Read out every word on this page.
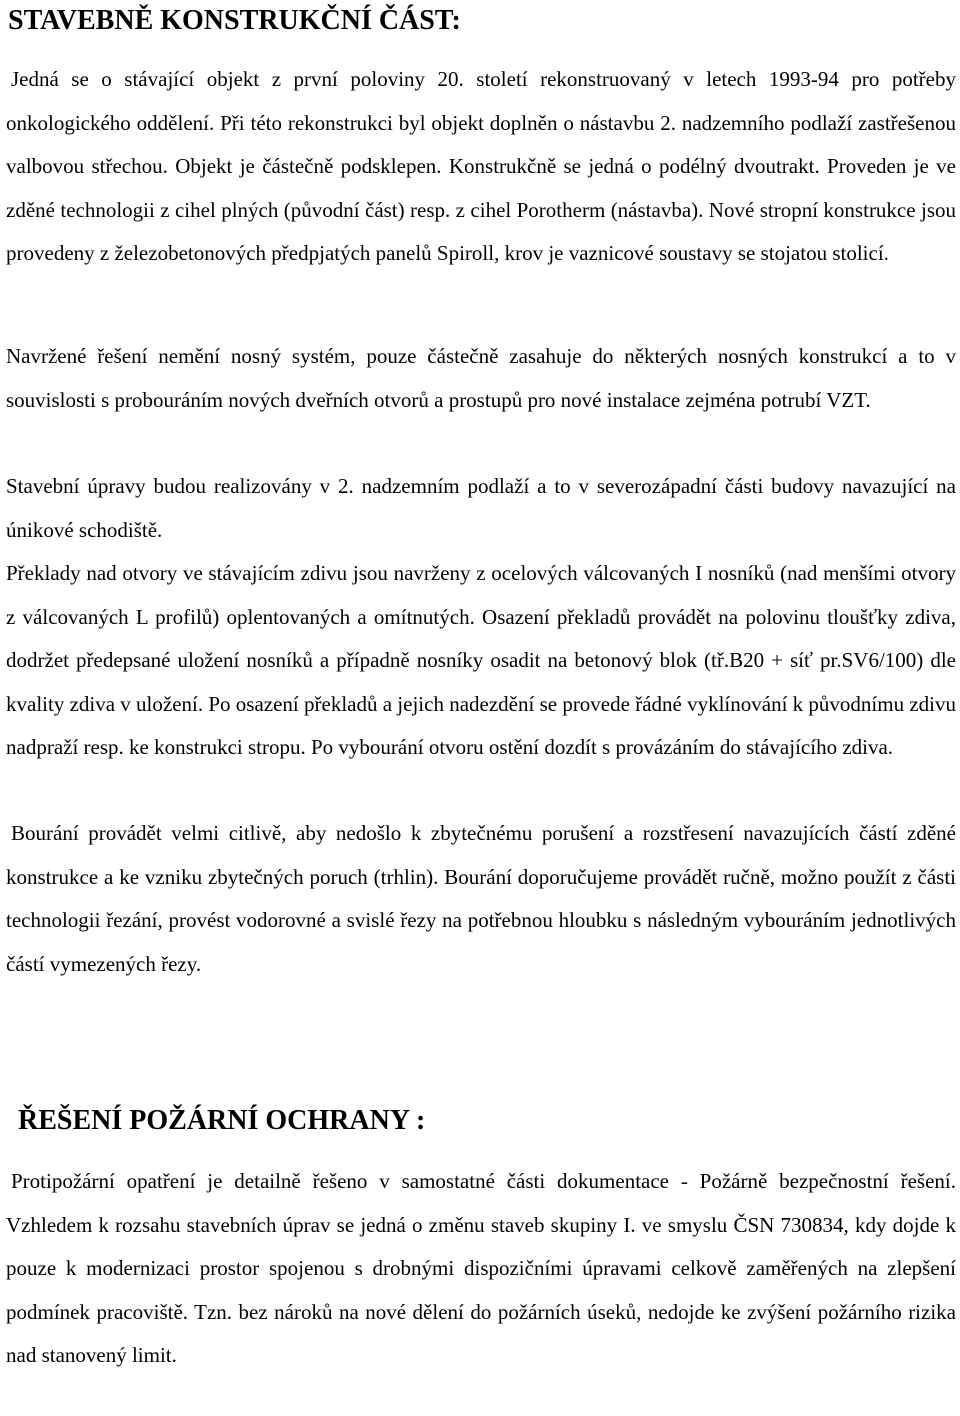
STAVEBNĚ KONSTRUKČNÍ ČÁST:

Jedná se o stávající objekt z první poloviny 20. století rekonstruovaný v letech 1993-94 pro potřeby onkologického oddělení. Při této rekonstrukci byl objekt doplněn o nástavbu 2. nadzemního podlaží zastřešenou valbovou střechou. Objekt je částečně podsklepen. Konstrukčně se jedná o podélný dvoutrakt. Proveden je ve zděné technologii z cihel plných (původní část) resp. z cihel Porotherm (nástavba). Nové stropní konstrukce jsou provedeny z železobetonových předpjatých panelů Spiroll, krov je vaznicové soustavy se stojatou stolicí.

Navržené řešení nemění nosný systém, pouze částečně zasahuje do některých nosných konstrukcí a to v souvislosti s probouráním nových dveřních otvorů a prostupů pro nové instalace zejména potrubí VZT.

Stavební úpravy budou realizovány v 2. nadzemním podlaží a to v severozápadní části budovy navazující na únikové schodiště.

Překlady nad otvory ve stávajícím zdivu jsou navrženy z ocelových válcovaných I nosníků (nad menšími otvory z válcovaných L profilů) oplentovaných a omítnutých. Osazení překladů provádět na polovinu tloušťky zdiva, dodržet předepsané uložení nosníků a případně nosníky osadit na betonový blok (tř.B20 + síť pr.SV6/100) dle kvality zdiva v uložení. Po osazení překladů a jejich nadezdění se provede řádné vyklínování k původnímu zdivu nadpraží resp. ke konstrukci stropu. Po vybourání otvoru ostění dozdít s provázáním do stávajícího zdiva.

Bourání provádět velmi citlivě, aby nedošlo k zbytečnému porušení a rozstřesení navazujících částí zděné konstrukce a ke vzniku zbytečných poruch (trhlin). Bourání doporučujeme provádět ručně, možno použít z části technologii řezání, provést vodorovné a svislé řezy na potřebnou hloubku s následným vybouráním jednotlivých částí vymezených řezy.

ŘEŠENÍ POŽÁRNÍ OCHRANY :

Protipožární opatření je detailně řešeno v samostatné části dokumentace - Požárně bezpečnostní řešení. Vzhledem k rozsahu stavebních úprav se jedná o změnu staveb skupiny I. ve smyslu ČSN 730834, kdy dojde k pouze k modernizaci prostor spojenou s drobnými dispozičními úpravami celkově zaměřených na zlepšení podmínek pracoviště. Tzn. bez nároků na nové dělení do požárních úseků, nedojde ke zvýšení požárního rizika nad stanovený limit.
